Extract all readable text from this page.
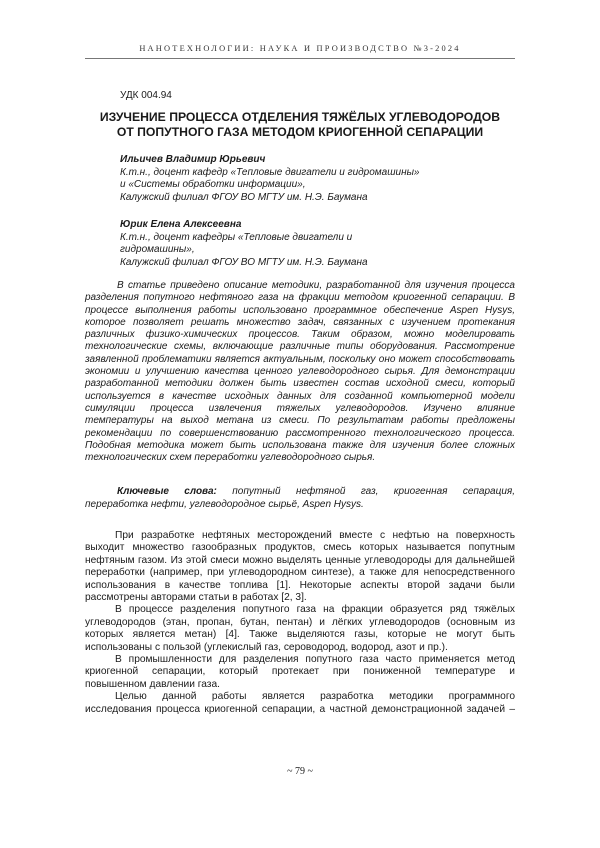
НАНОТЕХНОЛОГИИ: НАУКА И ПРОИЗВОДСТВО №3-2024
УДК 004.94
ИЗУЧЕНИЕ ПРОЦЕССА ОТДЕЛЕНИЯ ТЯЖЁЛЫХ УГЛЕВОДОРОДОВ
ОТ ПОПУТНОГО ГАЗА МЕТОДОМ КРИОГЕННОЙ СЕПАРАЦИИ
Ильичев Владимир Юрьевич
К.т.н., доцент кафедр «Тепловые двигатели и гидромашины»
и «Системы обработки информации»,
Калужский филиал ФГОУ ВО МГТУ им. Н.Э. Баумана
Юрик Елена Алексеевна
К.т.н., доцент кафедры «Тепловые двигатели и
гидромашины»,
Калужский филиал ФГОУ ВО МГТУ им. Н.Э. Баумана
В статье приведено описание методики, разработанной для изучения процесса
разделения попутного нефтяного газа на фракции методом криогенной сепарации. В
процессе выполнения работы использовано программное обеспечение Aspen Hysys,
которое позволяет решать множество задач, связанных с изучением протекания
различных физико-химических процессов. Таким образом, можно моделировать
технологические схемы, включающие различные типы оборудования. Рассмотрение
заявленной проблематики является актуальным, поскольку оно может способствовать
экономии и улучшению качества ценного углеводородного сырья. Для демонстрации
разработанной методики должен быть известен состав исходной смеси, который
используется в качестве исходных данных для созданной компьютерной модели
симуляции процесса извлечения тяжелых углеводородов. Изучено влияние
температуры на выход метана из смеси. По результатам работы предложены
рекомендации по совершенствованию рассмотренного технологического процесса.
Подобная методика может быть использована также для изучения более сложных
технологических схем переработки углеводородного сырья.
Ключевые слова: попутный нефтяной газ, криогенная сепарация,
переработка нефти, углеводородное сырьё, Aspen Hysys.
При разработке нефтяных месторождений вместе с нефтью на поверхность
выходит множество газообразных продуктов, смесь которых называется попутным
нефтяным газом. Из этой смеси можно выделять ценные углеводороды для дальнейшей
переработки (например, при углеводородном синтезе), а также для непосредственного
использования в качестве топлива [1]. Некоторые аспекты второй задачи были
рассмотрены авторами статьи в работах [2, 3].
В процессе разделения попутного газа на фракции образуется ряд тяжёлых
углеводородов (этан, пропан, бутан, пентан) и лёгких углеводородов (основным из
которых является метан) [4]. Также выделяются газы, которые не могут быть
использованы с пользой (углекислый газ, сероводород, водород, азот и пр.).
В промышленности для разделения попутного газа часто применяется метод
криогенной сепарации, который протекает при пониженной температуре и
повышенном давлении газа.
Целью данной работы является разработка методики программного
исследования процесса криогенной сепарации, а частной демонстрационной задачей –
~ 79 ~
